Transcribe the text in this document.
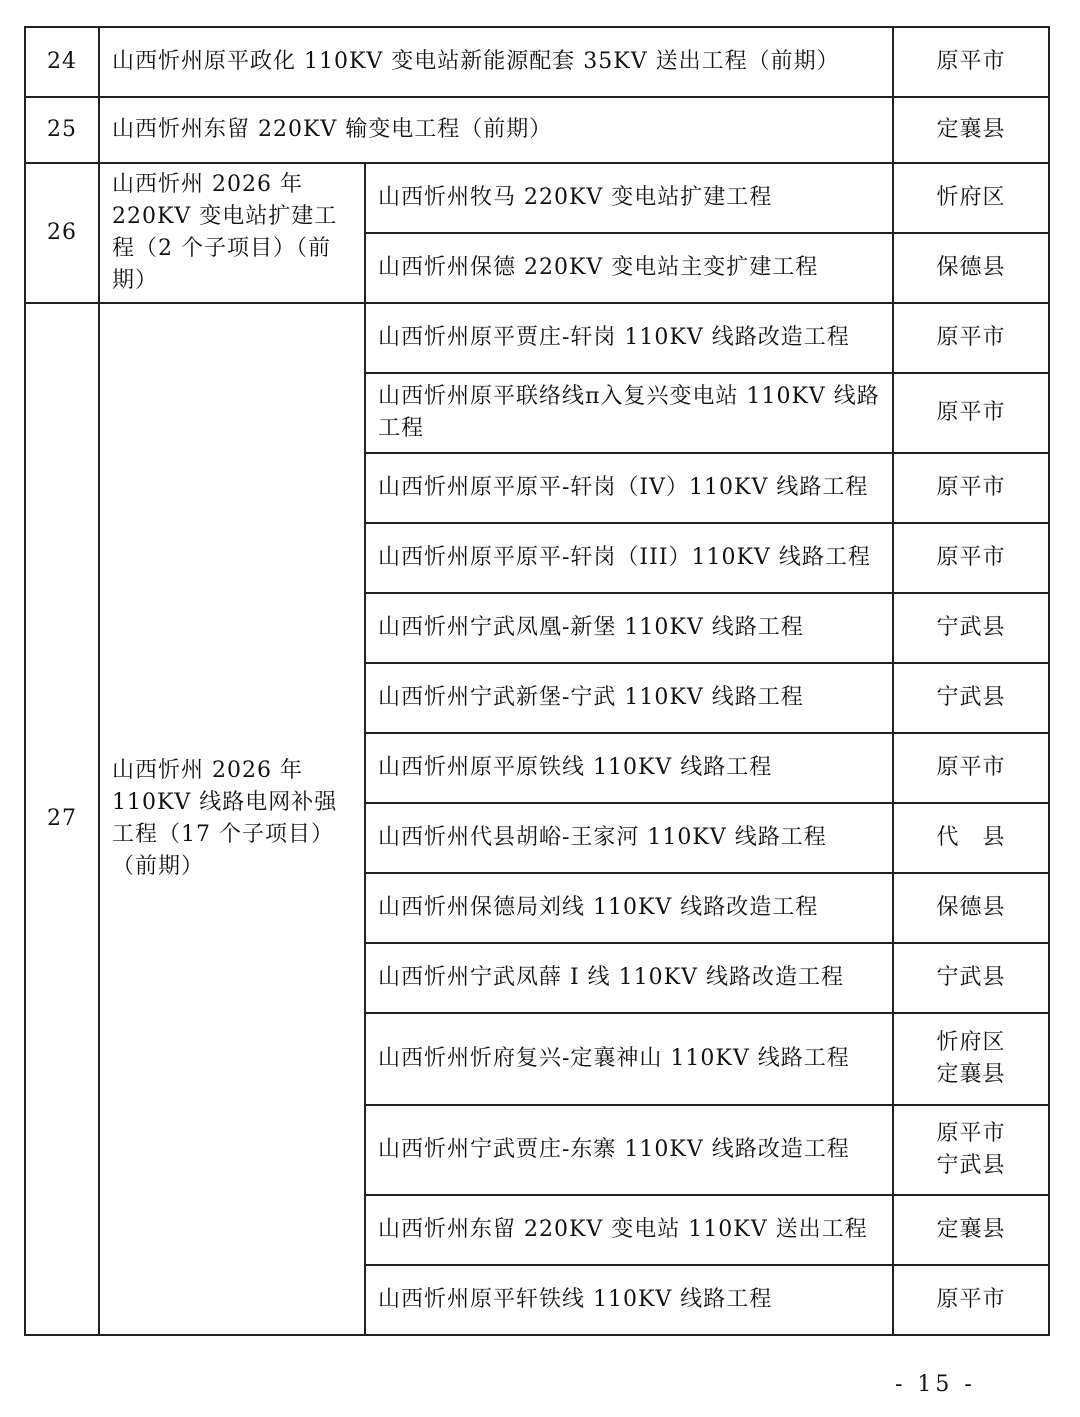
24	山西忻州原平政化 110KV 变电站新能源配套 35KV 送出工程（前期）		原平市

25	山西忻州东留 220KV 输变电工程（前期）		定襄县

26	山西忻州 2026 年 220KV 变电站扩建工程（2 个子项目）（前期）	山西忻州牧马 220KV 变电站扩建工程	忻府区

		山西忻州保德 220KV 变电站主变扩建工程	保德县

27	山西忻州 2026 年 110KV 线路电网补强工程（17 个子项目）（前期）	山西忻州原平贾庄-轩岗 110KV 线路改造工程	原平市

		山西忻州原平联络线π入复兴变电站 110KV 线路工程	原平市

		山西忻州原平原平-轩岗（IV）110KV 线路工程	原平市

		山西忻州原平原平-轩岗（III）110KV 线路工程	原平市

		山西忻州宁武凤凰-新堡 110KV 线路工程	宁武县

		山西忻州宁武新堡-宁武 110KV 线路工程	宁武县

		山西忻州原平原铁线 110KV 线路工程	原平市

		山西忻州代县胡峪-王家河 110KV 线路工程	代　县

		山西忻州保德局刘线 110KV 线路改造工程	保德县

		山西忻州宁武凤薛 I 线 110KV 线路改造工程	宁武县

		山西忻州忻府复兴-定襄神山 110KV 线路工程	忻府区
定襄县

		山西忻州宁武贾庄-东寨 110KV 线路改造工程	原平市
宁武县

		山西忻州东留 220KV 变电站 110KV 送出工程	定襄县

		山西忻州原平轩铁线 110KV 线路工程	原平市
- 15 -
